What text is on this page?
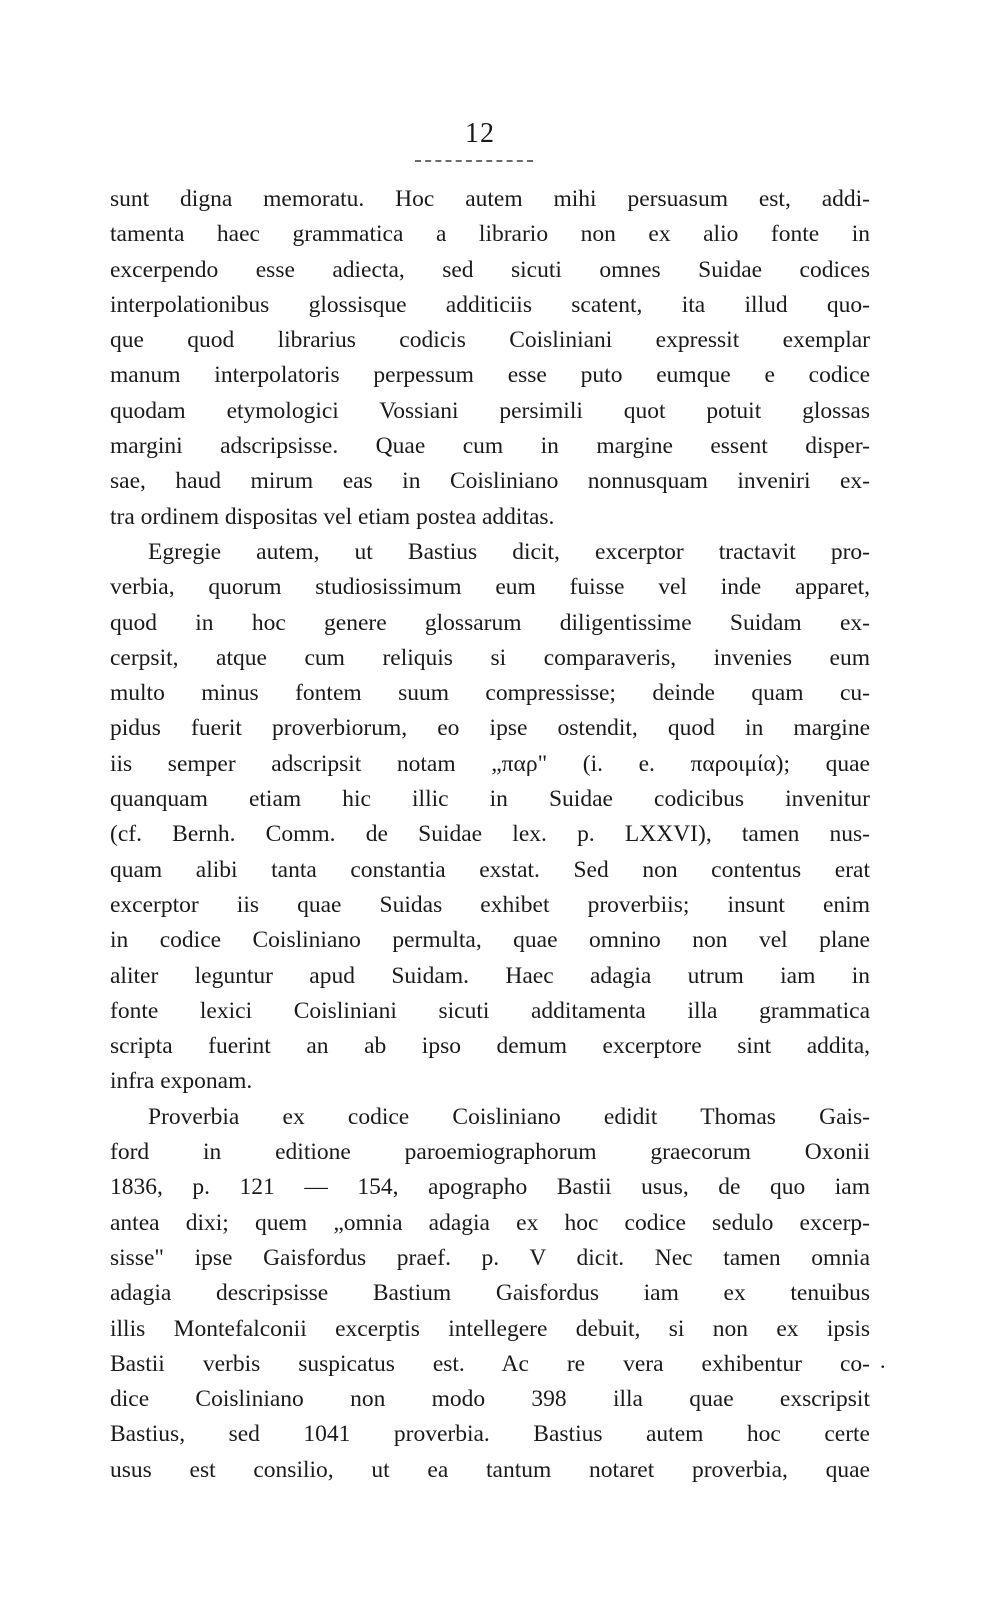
12
sunt digna memoratu. Hoc autem mihi persuasum est, addi-
tamenta haec grammatica a librario non ex alio fonte in
excerpendo esse adiecta, sed sicuti omnes Suidae codices
interpolationibus glossisque additiciis scatent, ita illud quo-
que quod librarius codicis Coisliniani expressit exemplar
manum interpolatoris perpessum esse puto eumque e codice
quodam etymologici Vossiani persimili quot potuit glossas
margini adscripsisse. Quae cum in margine essent disper-
sae, haud mirum eas in Coisliniano nonnusquam inveniri ex-
tra ordinem dispositas vel etiam postea additas.
Egregie autem, ut Bastius dicit, excerptor tractavit pro-
verbia, quorum studiosissimum eum fuisse vel inde apparet,
quod in hoc genere glossarum diligentissime Suidam ex-
cerpsit, atque cum reliquis si comparaveris, invenies eum
multo minus fontem suum compressisse; deinde quam cu-
pidus fuerit proverbiorum, eo ipse ostendit, quod in margine
iis semper adscripsit notam „παρ" (i. e. παροιμία); quae
quanquam etiam hic illic in Suidae codicibus invenitur
(cf. Bernh. Comm. de Suidae lex. p. LXXVI), tamen nus-
quam alibi tanta constantia exstat. Sed non contentus erat
excerptor iis quae Suidas exhibet proverbiis; insunt enim
in codice Coisliniano permulta, quae omnino non vel plane
aliter leguntur apud Suidam. Haec adagia utrum iam in
fonte lexici Coisliniani sicuti additamenta illa grammatica
scripta fuerint an ab ipso demum excerptore sint addita,
infra exponam.
Proverbia ex codice Coisliniano edidit Thomas Gais-
ford in editione paroemiographorum graecorum Oxonii
1836, p. 121 — 154, apographo Bastii usus, de quo iam
antea dixi; quem „omnia adagia ex hoc codice sedulo excerp-
sisse" ipse Gaisfordus praef. p. V dicit. Nec tamen omnia
adagia descripsisse Bastium Gaisfordus iam ex tenuibus
illis Montefalconii excerptis intellegere debuit, si non ex ipsis
Bastii verbis suspicatus est. Ac re vera exhibentur co-
dice Coisliniano non modo 398 illa quae exscripsit
Bastius, sed 1041 proverbia. Bastius autem hoc certe
usus est consilio, ut ea tantum notaret proverbia, quae
.
